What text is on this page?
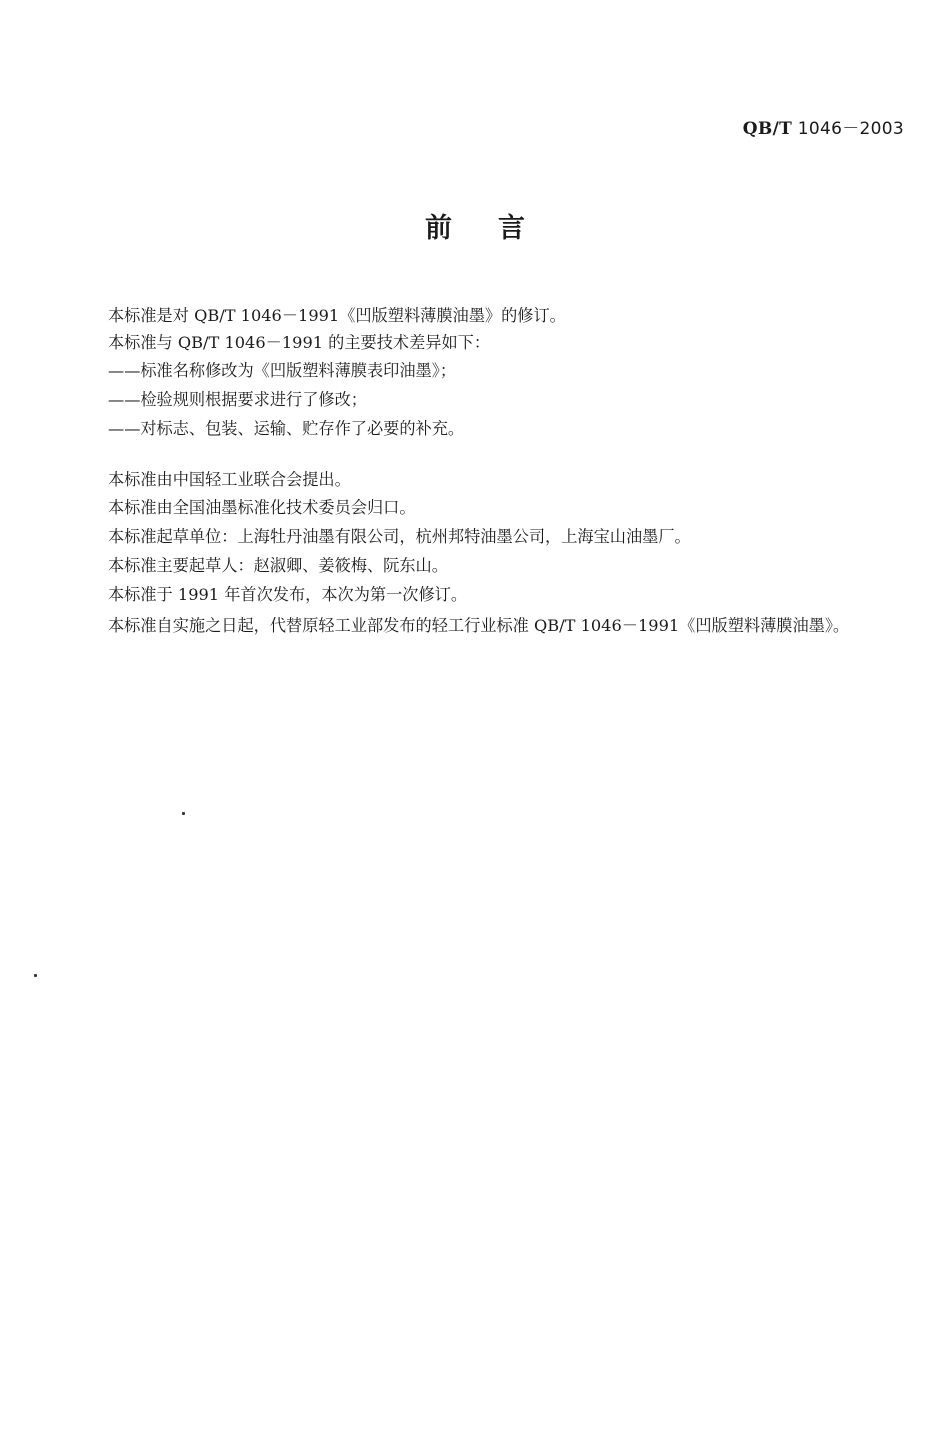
QB/T 1046－2003
前言
本标准是对 QB/T 1046－1991《凹版塑料薄膜油墨》的修订。
本标准与 QB/T 1046－1991 的主要技术差异如下：
——标准名称修改为《凹版塑料薄膜表印油墨》；
——检验规则根据要求进行了修改；
——对标志、包装、运输、贮存作了必要的补充。
本标准由中国轻工业联合会提出。
本标准由全国油墨标准化技术委员会归口。
本标准起草单位：上海牡丹油墨有限公司，杭州邦特油墨公司，上海宝山油墨厂。
本标准主要起草人：赵淑卿、姜筱梅、阮东山。
本标准于 1991 年首次发布，本次为第一次修订。
本标准自实施之日起，代替原轻工业部发布的轻工行业标准 QB/T 1046－1991《凹版塑料薄膜油墨》。
